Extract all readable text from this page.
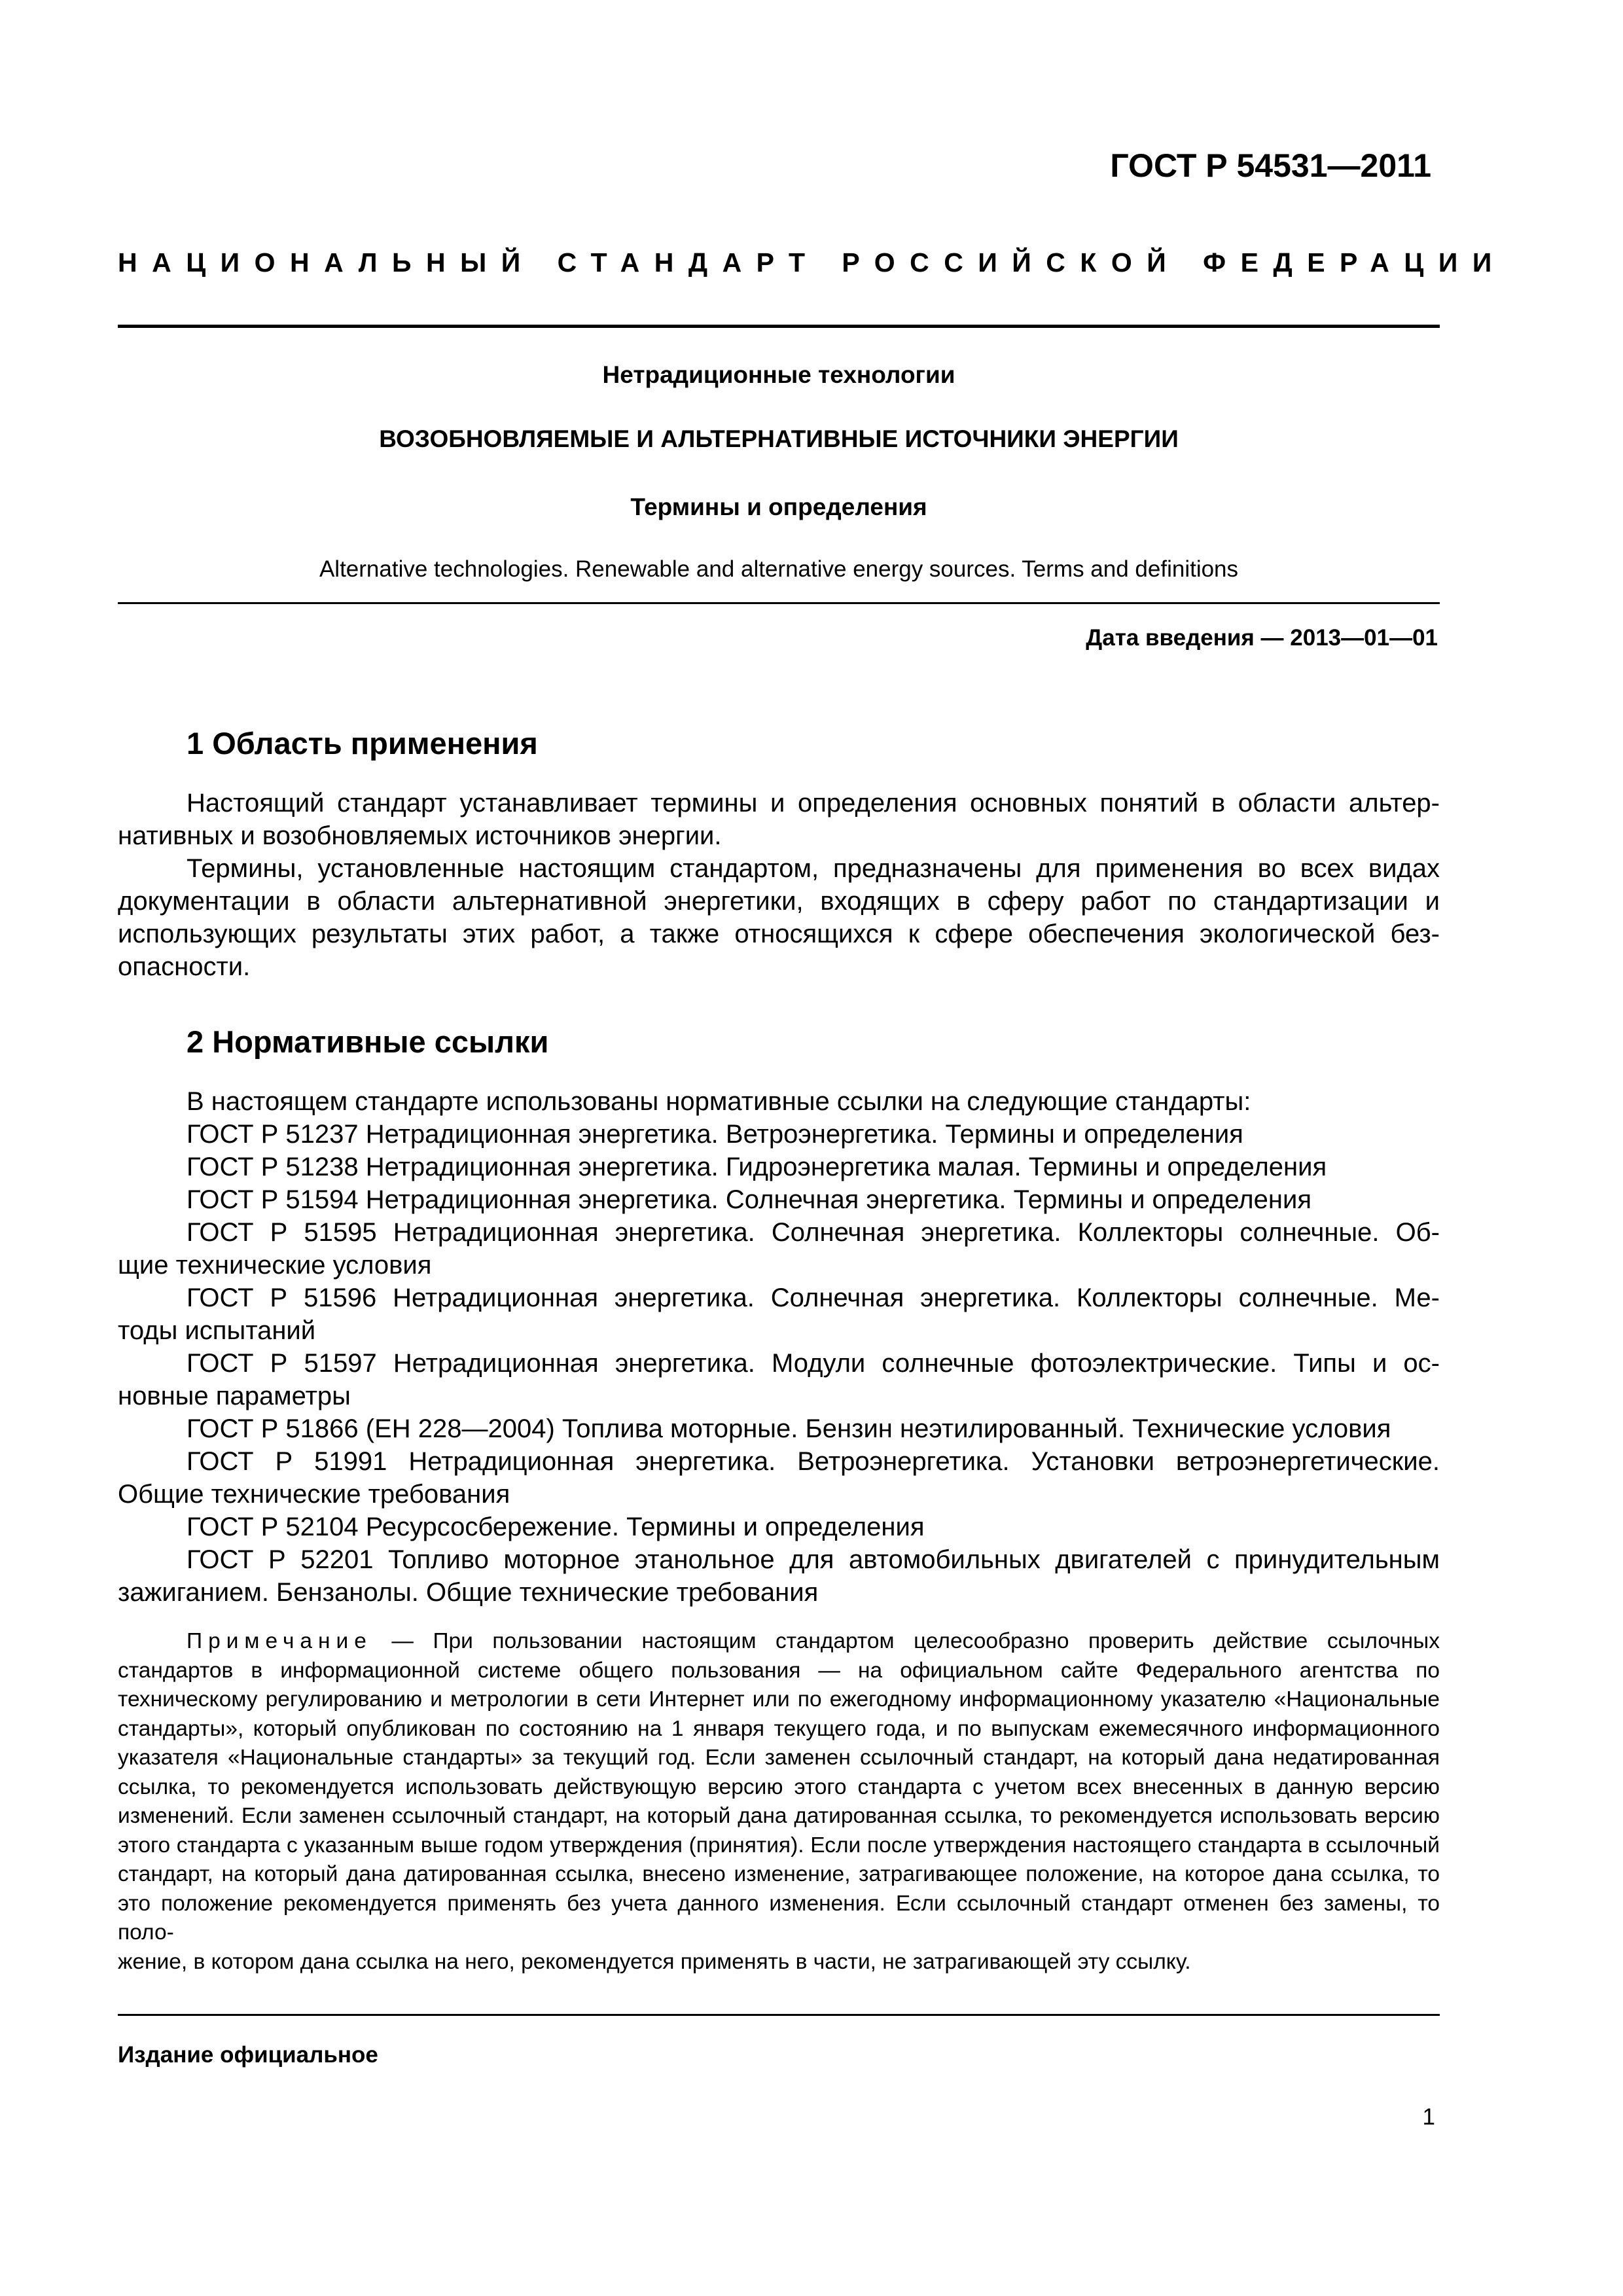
ГОСТ Р 54531—2011
НАЦИОНАЛЬНЫЙ СТАНДАРТ РОССИЙСКОЙ ФЕДЕРАЦИИ
Нетрадиционные технологии
ВОЗОБНОВЛЯЕМЫЕ И АЛЬТЕРНАТИВНЫЕ ИСТОЧНИКИ ЭНЕРГИИ
Термины и определения
Alternative technologies. Renewable and alternative energy sources. Terms and definitions
Дата введения — 2013—01—01
1 Область применения

Настоящий стандарт устанавливает термины и определения основных понятий в области альтер-

нативных и возобновляемых источников энергии.

Термины, установленные настоящим стандартом, предназначены для применения во всех видах документации в области альтернативной энергетики, входящих в сферу работ по стандартизации и использующих результаты этих работ, а также относящихся к сфере обеспечения экологической без-

опасности.

2 Нормативные ссылки

В настоящем стандарте использованы нормативные ссылки на следующие стандарты:

ГОСТ Р 51237 Нетрадиционная энергетика. Ветроэнергетика. Термины и определения

ГОСТ Р 51238 Нетрадиционная энергетика. Гидроэнергетика малая. Термины и определения

ГОСТ Р 51594 Нетрадиционная энергетика. Солнечная энергетика. Термины и определения

ГОСТ Р 51595 Нетрадиционная энергетика. Солнечная энергетика. Коллекторы солнечные. Об-

щие технические условия

ГОСТ Р 51596 Нетрадиционная энергетика. Солнечная энергетика. Коллекторы солнечные. Ме-

тоды испытаний

ГОСТ Р 51597 Нетрадиционная энергетика. Модули солнечные фотоэлектрические. Типы и ос-

новные параметры

ГОСТ Р 51866 (ЕН 228—2004) Топлива моторные. Бензин неэтилированный. Технические условия

ГОСТ Р 51991 Нетрадиционная энергетика. Ветроэнергетика. Установки ветроэнергетические.

Общие технические требования

ГОСТ Р 52104 Ресурсосбережение. Термины и определения

ГОСТ Р 52201 Топливо моторное этанольное для автомобильных двигателей с принудительным

зажиганием. Бензанолы. Общие технические требования

Примечание — При пользовании настоящим стандартом целесообразно проверить действие ссылочных стандартов в информационной системе общего пользования — на официальном сайте Федерального агентства по техническому регулированию и метрологии в сети Интернет или по ежегодному информационному указателю «Национальные стандарты», который опубликован по состоянию на 1 января текущего года, и по выпускам ежемесячного информационного указателя «Национальные стандарты» за текущий год. Если заменен ссылочный стандарт, на который дана недатированная ссылка, то рекомендуется использовать действующую версию этого стандарта с учетом всех внесенных в данную версию изменений. Если заменен ссылочный стандарт, на который дана датированная ссылка, то рекомендуется использовать версию этого стандарта с указанным выше годом утверждения (принятия). Если после утверждения настоящего стандарта в ссылочный стандарт, на который дана датированная ссылка, внесено изменение, затрагивающее положение, на которое дана ссылка, то это положение рекомендуется применять без учета данного изменения. Если ссылочный стандарт отменен без замены, то поло-

жение, в котором дана ссылка на него, рекомендуется применять в части, не затрагивающей эту ссылку.

Издание официальное
1
